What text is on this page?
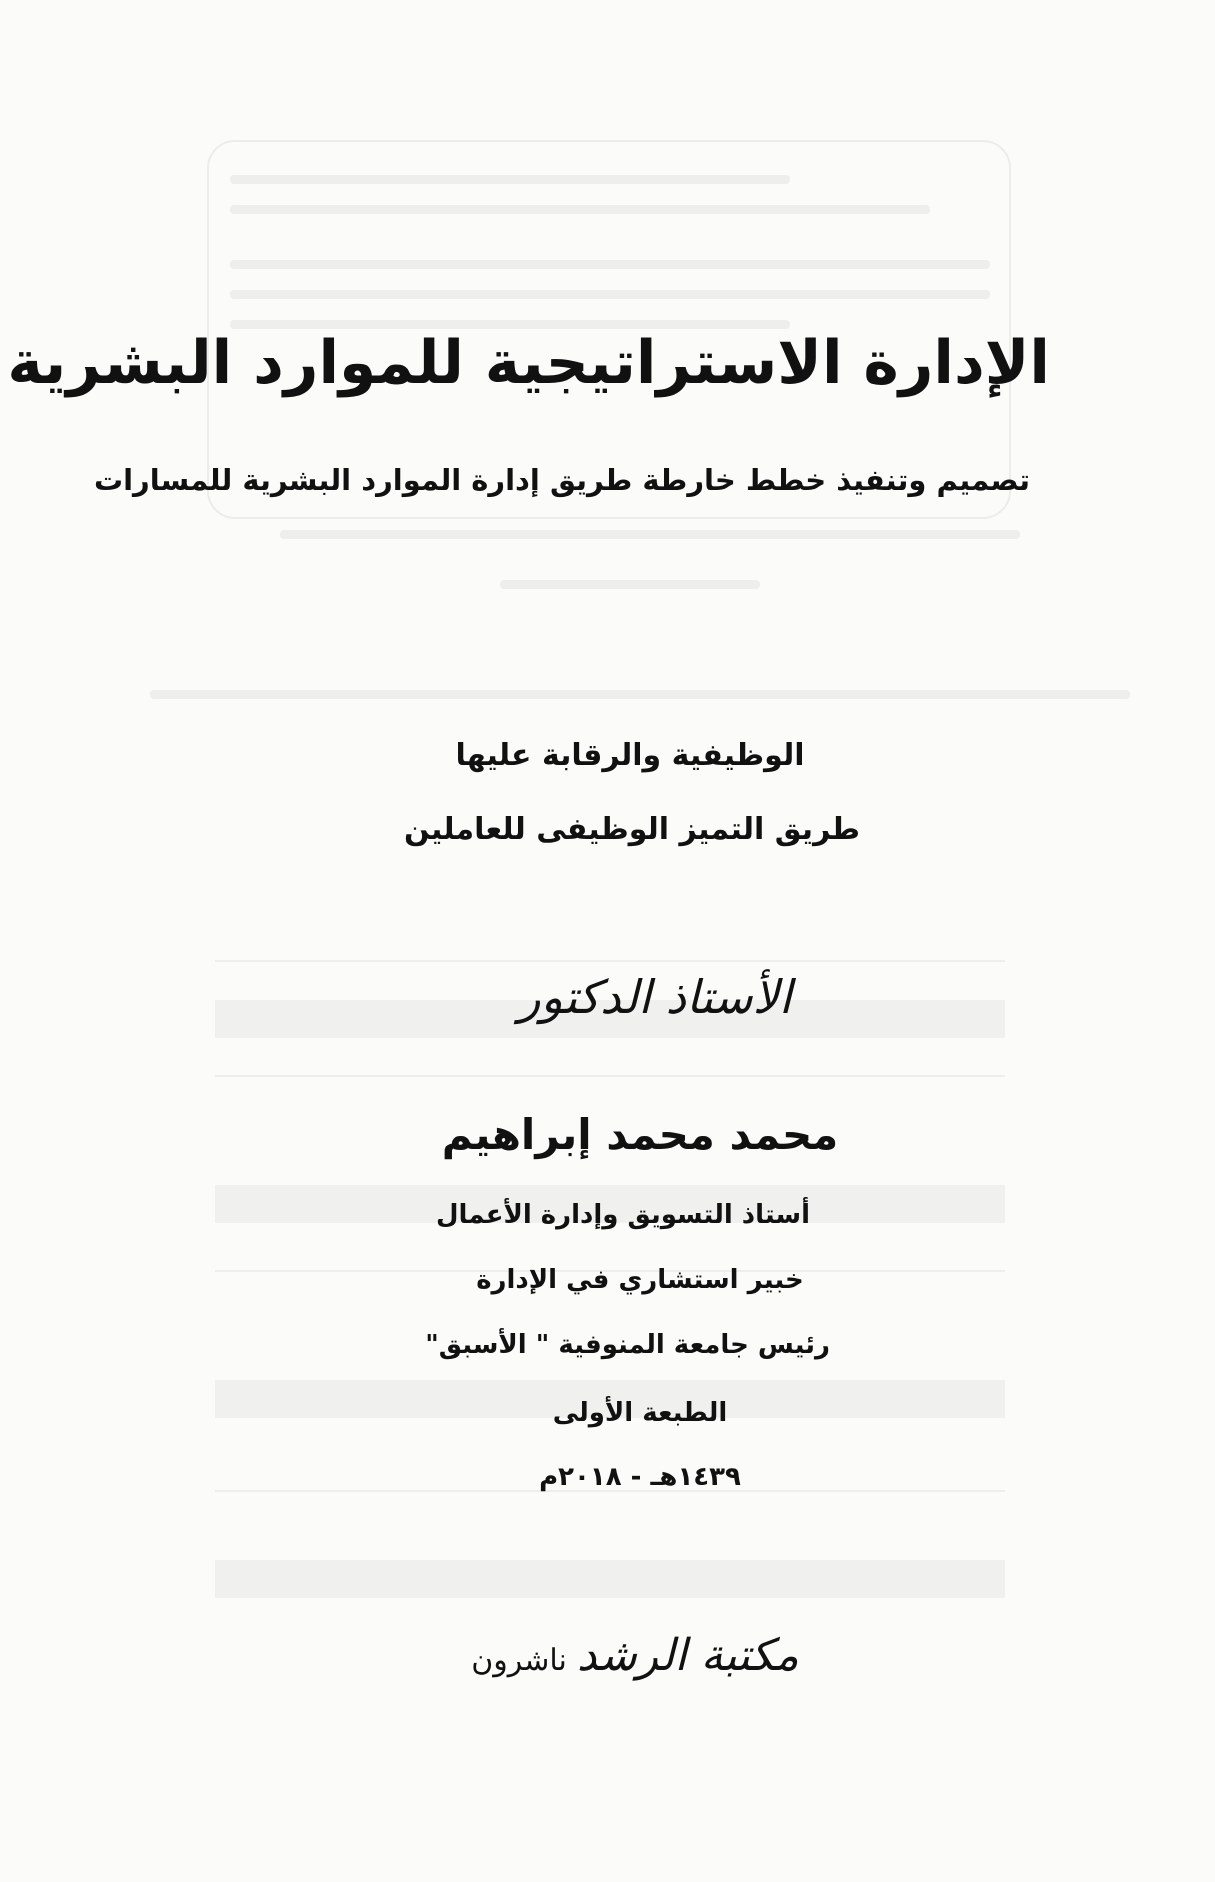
الإدارة الاستراتيجية للموارد البشرية
تصميم وتنفيذ خطط خارطة طريق إدارة الموارد البشرية للمسارات
الوظيفية والرقابة عليها
طريق التميز الوظيفى للعاملين
الأستاذ الدكتور
محمد محمد إبراهيم
أستاذ التسويق وإدارة الأعمال
خبير استشاري في الإدارة
رئيس جامعة المنوفية " الأسبق"
الطبعة الأولى
١٤٣٩هـ - ٢٠١٨م
مكتبة الرشدناشرون
